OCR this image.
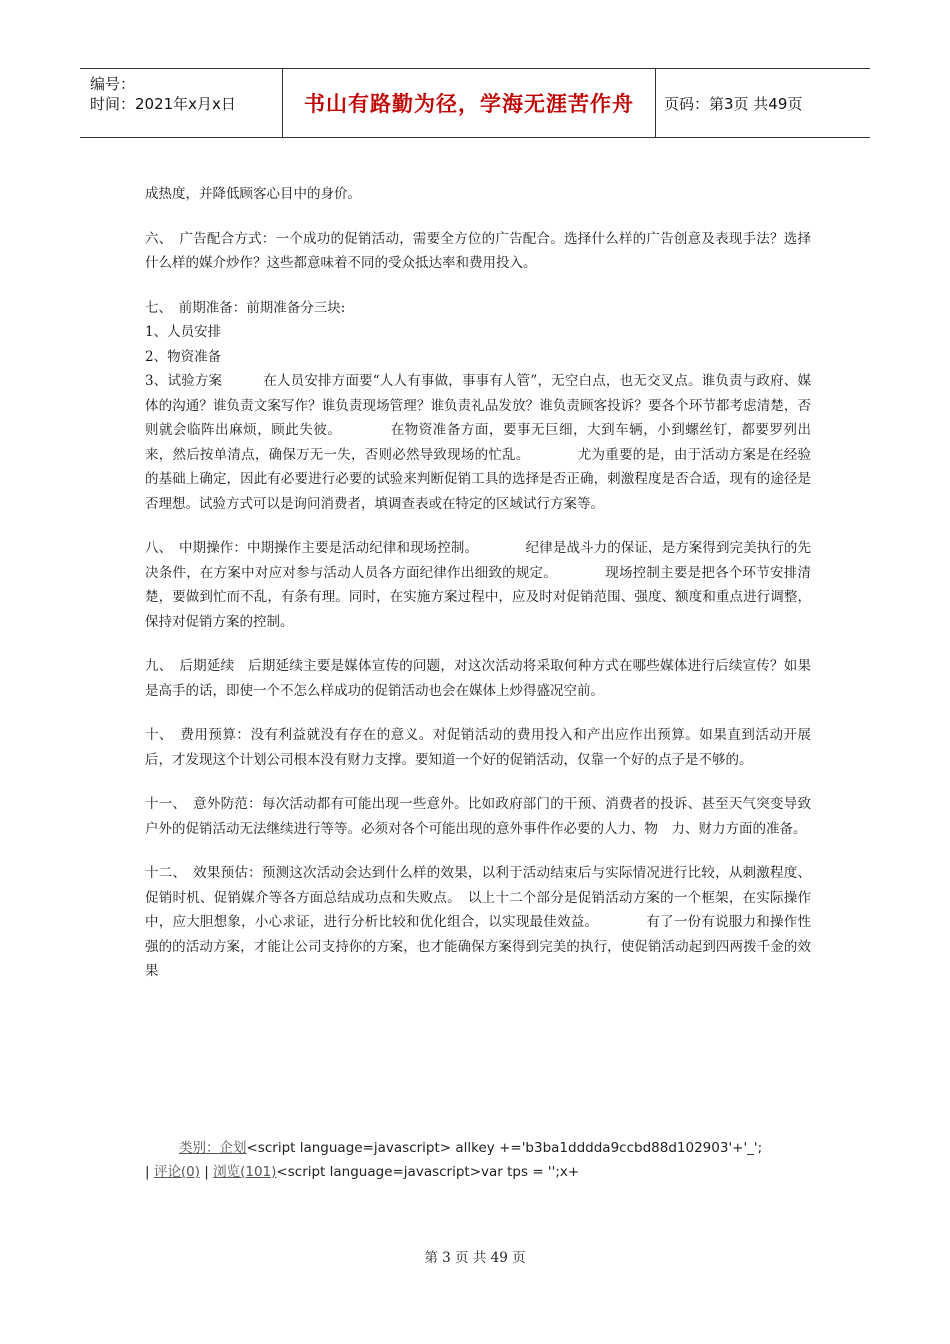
编号：
时间：2021年x月x日	书山有路勤为径，学海无涯苦作舟 页码：第3页 共49页

成热度，并降低顾客心目中的身价。

六、　广告配合方式：一个成功的促销活动，需要全方位的广告配合。选择什么样的广告创意及表现手法？选择什么样的媒介炒作？这些都意味着不同的受众抵达率和费用投入。

七、　前期准备：前期准备分三块:

1、人员安排

2、物资准备

3、试验方案　　　在人员安排方面要“人人有事做，事事有人管”，无空白点，也无交叉点。谁负责与政府、媒体的沟通？谁负责文案写作？谁负责现场管理？谁负责礼品发放？谁负责顾客投诉？要各个环节都考虑清楚，否则就会临阵出麻烦，顾此失彼。　　　　在物资准备方面，要事无巨细，大到车辆，小到螺丝钉，都要罗列出来，然后按单清点，确保万无一失，否则必然导致现场的忙乱。　　　　尤为重要的是，由于活动方案是在经验的基础上确定，因此有必要进行必要的试验来判断促销工具的选择是否正确，刺激程度是否合适，现有的途径是否理想。试验方式可以是询问消费者，填调查表或在特定的区域试行方案等。

八、　中期操作：中期操作主要是活动纪律和现场控制。　　　　纪律是战斗力的保证，是方案得到完美执行的先决条件，在方案中对应对参与活动人员各方面纪律作出细致的规定。　　　　现场控制主要是把各个环节安排清楚，要做到忙而不乱，有条有理。同时，在实施方案过程中，应及时对促销范围、强度、额度和重点进行调整，保持对促销方案的控制。

九、　后期延续　后期延续主要是媒体宣传的问题，对这次活动将采取何种方式在哪些媒体进行后续宣传？如果是高手的话，即使一个不怎么样成功的促销活动也会在媒体上炒得盛况空前。

十、　费用预算：没有利益就没有存在的意义。对促销活动的费用投入和产出应作出预算。如果直到活动开展后，才发现这个计划公司根本没有财力支撑。要知道一个好的促销活动，仅靠一个好的点子是不够的。

十一、　意外防范：每次活动都有可能出现一些意外。比如政府部门的干预、消费者的投诉、甚至天气突变导致户外的促销活动无法继续进行等等。必须对各个可能出现的意外事件作必要的人力、物　力、财力方面的准备。

十二、　效果预估：预测这次活动会达到什么样的效果，以利于活动结束后与实际情况进行比较，从刺激程度、促销时机、促销媒介等各方面总结成功点和失败点。　以上十二个部分是促销活动方案的一个框架，在实际操作中，应大胆想象，小心求证，进行分析比较和优化组合，以实现最佳效益。　　　　有了一份有说服力和操作性强的的活动方案，才能让公司支持你的方案，也才能确保方案得到完美的执行，使促销活动起到四两拨千金的效果

类别：企划<script language=javascript> allkey +='b3ba1dddda9ccbd88d102903'+'_';
| 评论(0) | 浏览(101)<script language=javascript>var tps = '';x+
第 3 页 共 49 页
